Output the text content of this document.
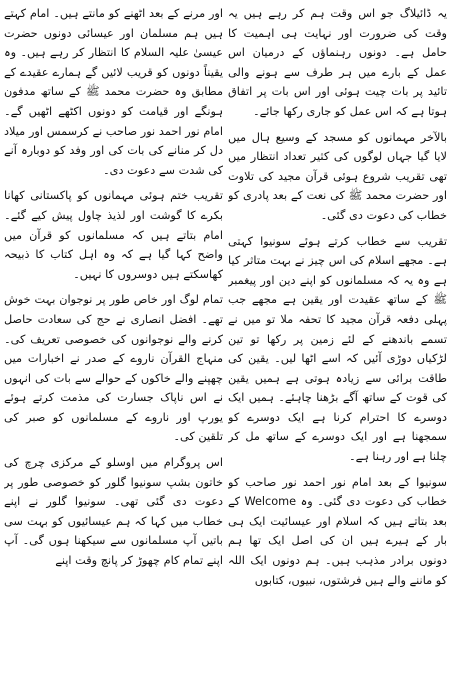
یہ ڈائیلاگ جو اس وقت ہم کر رہے ہیں یہ وقت کی ضرورت اور نہایت ہی اہمیت کا حامل ہے۔ دونوں رہنماؤں کے درمیان اس عمل کے بارے میں ہر طرف سے ہونے والی تائید پر بات چیت ہوئی اور اس بات پر اتفاق ہوتا ہے کہ اس عمل کو جاری رکھا جائے۔

بالآخر مہمانوں کو مسجد کے وسیع ہال میں لایا گیا جہاں لوگوں کی کثیر تعداد انتظار میں تھی تقریب شروع ہوئی قرآن مجید کی تلاوت اور حضرت محمد ﷺ کی نعت کے بعد پادری کو خطاب کی دعوت دی گئی۔

تقریب سے خطاب کرتے ہوئے سونیوا کہتی ہے۔ مجھے اسلام کی اس چیز نے بہت متاثر کیا ہے وہ یہ کہ مسلمانوں کو اپنے دین اور پیغمبر ﷺ کے ساتھ عقیدت اور یقین ہے مجھے جب پہلی دفعہ قرآن مجید کا تحفہ ملا تو میں نے تسمے باندھنے کے لئے زمین پر رکھا تو تین لڑکیاں دوڑی آئیں کہ اسے اٹھا لیں۔ یقین کی طاقت برائی سے زیادہ ہوتی ہے ہمیں یقین کی قوت کے ساتھ آگے بڑھنا چاہئے۔ ہمیں ایک دوسرے کا احترام کرنا ہے ایک دوسرے کو سمجھنا ہے اور ایک دوسرے کے ساتھ مل کر چلنا ہے اور رہنا ہے۔

سونیوا کے بعد امام نور احمد نور صاحب کو خطاب کی دعوت دی گئی۔ وہ Welcome کے بعد بتاتے ہیں کہ اسلام اور عیسائیت ایک ہی بار کے ہیرے ہیں ان کی اصل ایک تھا ہم دونوں برادر مذہب ہیں۔ ہم دونوں ایک اللہ کو ماننے والے ہیں فرشتوں، نبیوں، کتابوں

اور مرنے کے بعد اٹھنے کو مانتے ہیں۔ امام کہتے ہیں ہم مسلمان اور عیسائی دونوں حضرت عیسیٰ علیہ السلام کا انتظار کر رہے ہیں۔ وہ یقیناً دونوں کو قریب لائیں گے ہمارے عقیدے کے مطابق وہ حضرت محمد ﷺ کے ساتھ مدفون ہونگے اور قیامت کو دونوں اکٹھے اٹھیں گے۔ امام نور احمد نور صاحب نے کرسمس اور میلاد دل کر منانے کی بات کی اور وفد کو دوبارہ آنے کی شدت سے دعوت دی۔

تقریب ختم ہوئی مہمانوں کو پاکستانی کھانا بکرے کا گوشت اور لذیذ چاول پیش کیے گئے۔ امام بتاتے ہیں کہ مسلمانوں کو قرآن میں واضح کہا گیا ہے کہ وہ اہل کتاب کا ذبیحہ کھاسکتے ہیں دوسروں کا نہیں۔

تمام لوگ اور خاص طور پر نوجوان بہت خوش تھے۔ افضل انصاری نے حج کی سعادت حاصل کرنے والے نوجوانوں کی خصوصی تعریف کی۔ منہاج القرآن ناروے کے صدر نے اخبارات میں چھپنے والے خاکوں کے حوالے سے بات کی انہوں نے اس ناپاک جسارت کی مذمت کرتے ہوئے یورپ اور ناروے کے مسلمانوں کو صبر کی تلقین کی۔

اس پروگرام میں اوسلو کے مرکزی چرچ کی خاتون بشپ سونیوا گلور کو خصوصی طور پر دعوت دی گئی تھی۔ سونیوا گلور نے اپنے خطاب میں کہا کہ ہم عیسائیوں کو بہت سی باتیں آپ مسلمانوں سے سیکھنا ہوں گی۔ آپ اپنے تمام کام چھوڑ کر پانچ وقت اپنے
